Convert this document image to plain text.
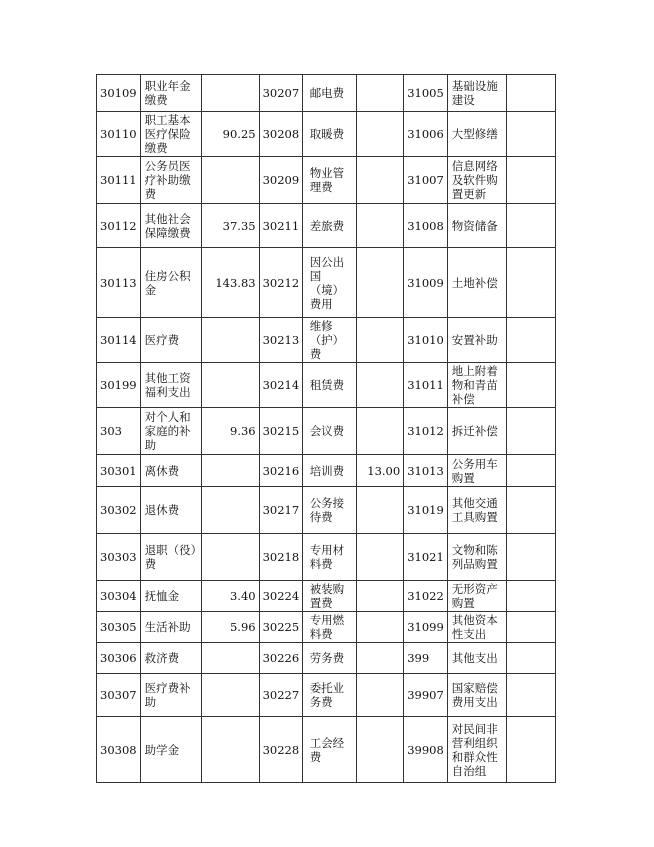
30109	职业年金缴费		30207	邮电费		31005	基础设施建设	
30110	职工基本医疗保险缴费	90.25	30208	取暖费		31006	大型修缮	
30111	公务员医疗补助缴费		30209	物业管理费		31007	信息网络及软件购置更新	
30112	其他社会保障缴费	37.35	30211	差旅费		31008	物资储备	
30113	住房公积金	143.83	30212	因公出国（境）费用		31009	土地补偿	
30114	医疗费		30213	维修（护）费		31010	安置补助	
30199	其他工资福利支出		30214	租赁费		31011	地上附着物和青苗补偿	
303	对个人和家庭的补助	9.36	30215	会议费		31012	拆迁补偿	
30301	离休费		30216	培训费	13.00	31013	公务用车购置	
30302	退休费		30217	公务接待费		31019	其他交通工具购置	
30303	退职（役）费		30218	专用材料费		31021	文物和陈列品购置	
30304	抚恤金	3.40	30224	被装购置费		31022	无形资产购置	
30305	生活补助	5.96	30225	专用燃料费		31099	其他资本性支出	
30306	救济费		30226	劳务费		399	其他支出	
30307	医疗费补助		30227	委托业务费		39907	国家赔偿费用支出	
30308	助学金		30228	工会经费		39908	对民间非营利组织和群众性自治组	
